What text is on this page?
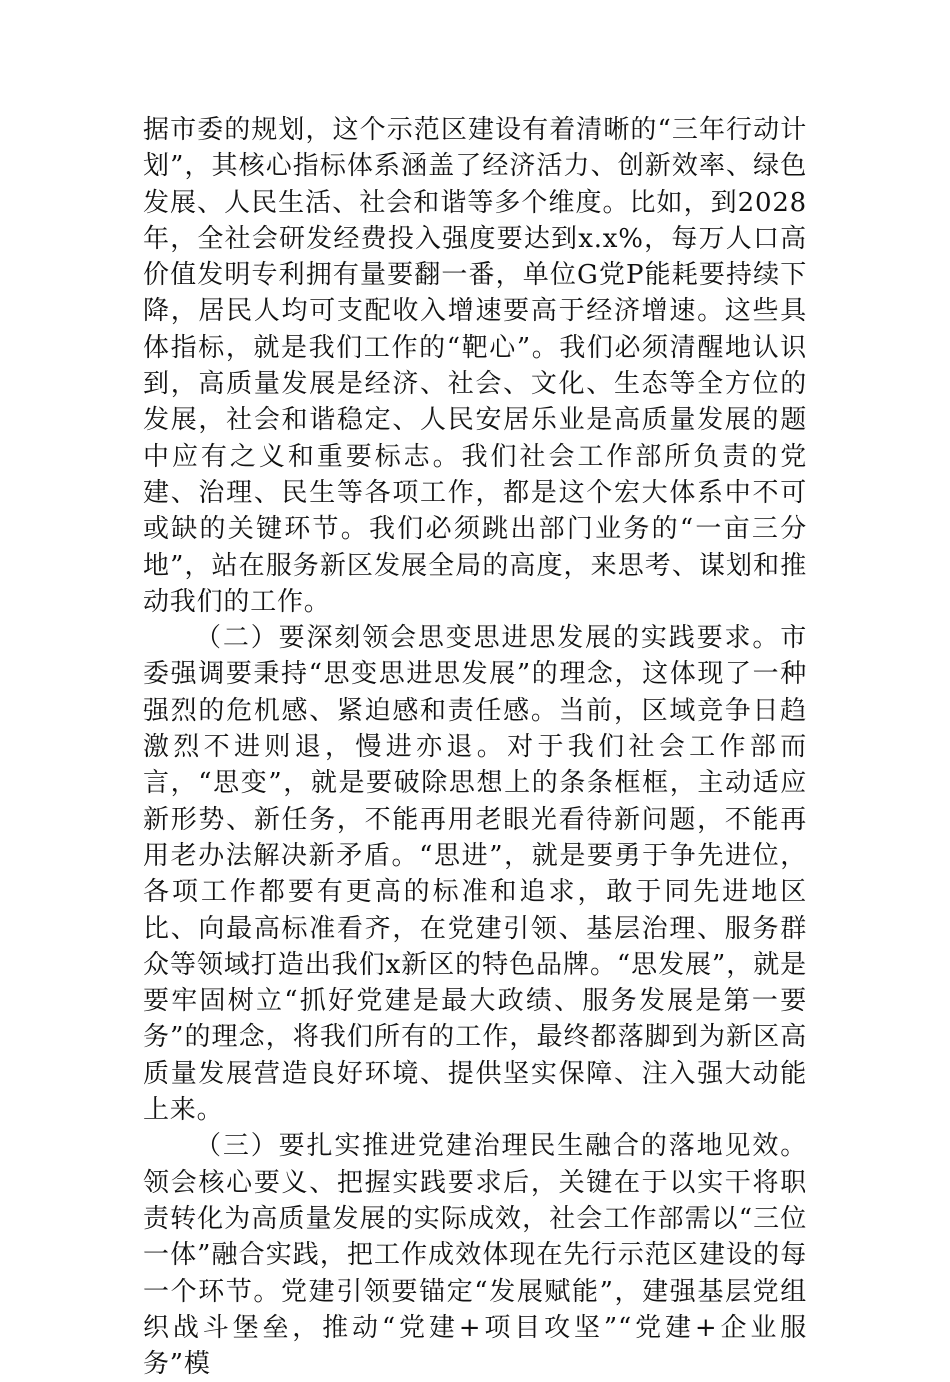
据市委的规划，这个示范区建设有着清晰的“三年行动计划”，其核心指标体系涵盖了经济活力、创新效率、绿色发展、人民生活、社会和谐等多个维度。比如，到2028年，全社会研发经费投入强度要达到x.x%，每万人口高价值发明专利拥有量要翻一番，单位G党P能耗要持续下降，居民人均可支配收入增速要高于经济增速。这些具体指标，就是我们工作的“靶心”。我们必须清醒地认识到，高质量发展是经济、社会、文化、生态等全方位的发展，社会和谐稳定、人民安居乐业是高质量发展的题中应有之义和重要标志。我们社会工作部所负责的党建、治理、民生等各项工作，都是这个宏大体系中不可或缺的关键环节。我们必须跳出部门业务的“一亩三分地”，站在服务新区发展全局的高度，来思考、谋划和推动我们的工作。

（二）要深刻领会思变思进思发展的实践要求。市委强调要秉持“思变思进思发展”的理念，这体现了一种强烈的危机感、紧迫感和责任感。当前，区域竞争日趋激烈不进则退，慢进亦退。对于我们社会工作部而言，“思变”，就是要破除思想上的条条框框，主动适应新形势、新任务，不能再用老眼光看待新问题，不能再用老办法解决新矛盾。“思进”，就是要勇于争先进位，各项工作都要有更高的标准和追求，敢于同先进地区比、向最高标准看齐，在党建引领、基层治理、服务群众等领域打造出我们x新区的特色品牌。“思发展”，就是要牢固树立“抓好党建是最大政绩、服务发展是第一要务”的理念，将我们所有的工作，最终都落脚到为新区高质量发展营造良好环境、提供坚实保障、注入强大动能上来。

（三）要扎实推进党建治理民生融合的落地见效。领会核心要义、把握实践要求后，关键在于以实干将职责转化为高质量发展的实际成效，社会工作部需以“三位一体”融合实践，把工作成效体现在先行示范区建设的每一个环节。党建引领要锚定“发展赋能”，建强基层党组织战斗堡垒，推动“党建+项目攻坚”“党建+企业服务”模
